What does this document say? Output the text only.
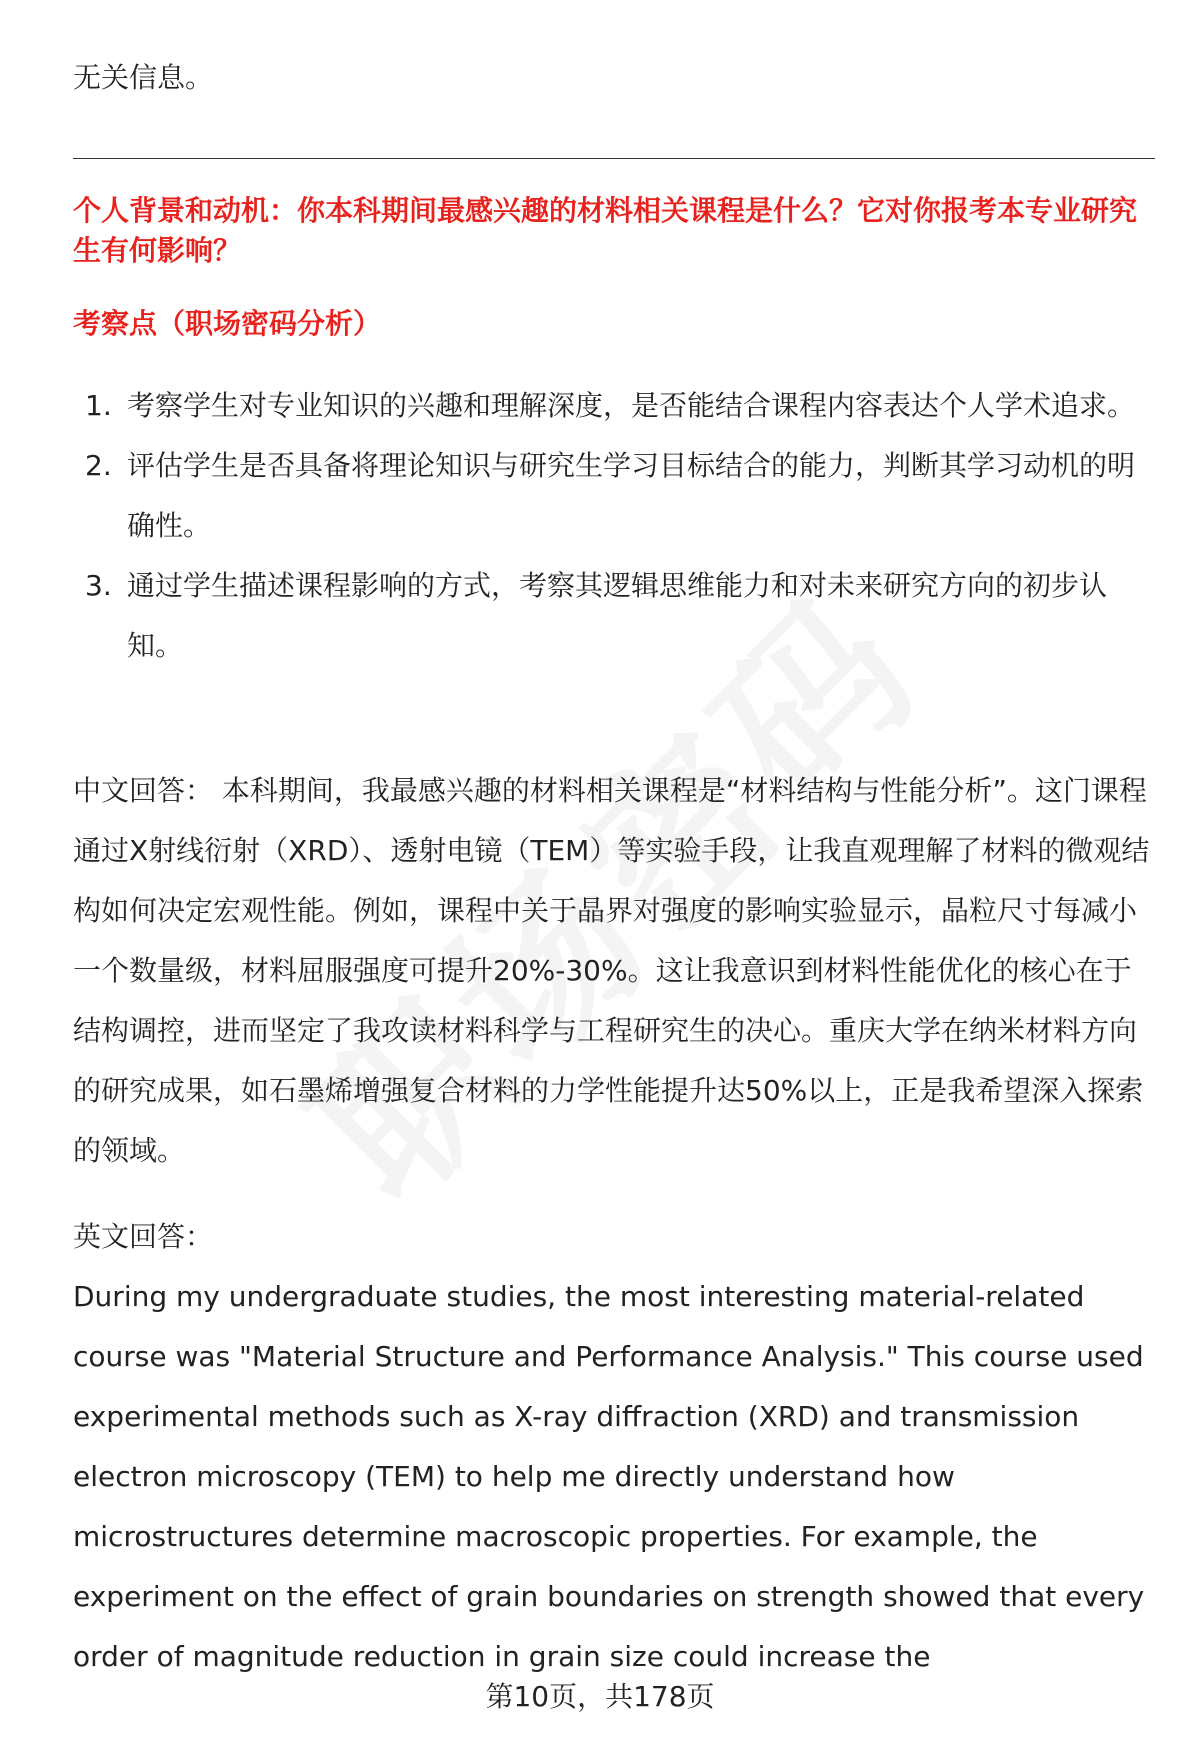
无关信息。
个人背景和动机：你本科期间最感兴趣的材料相关课程是什么？它对你报考本专业研究生有何影响？
考察点（职场密码分析）
1. 考察学生对专业知识的兴趣和理解深度，是否能结合课程内容表达个人学术追求。
2. 评估学生是否具备将理论知识与研究生学习目标结合的能力，判断其学习动机的明确性。
3. 通过学生描述课程影响的方式，考察其逻辑思维能力和对未来研究方向的初步认知。
中文回答： 本科期间，我最感兴趣的材料相关课程是“材料结构与性能分析”。这门课程通过X射线衍射（XRD）、透射电镜（TEM）等实验手段，让我直观理解了材料的微观结构如何决定宏观性能。例如，课程中关于晶界对强度的影响实验显示，晶粒尺寸每减小一个数量级，材料屈服强度可提升20%-30%。这让我意识到材料性能优化的核心在于结构调控，进而坚定了我攻读材料科学与工程研究生的决心。重庆大学在纳米材料方向的研究成果，如石墨烯增强复合材料的力学性能提升达50%以上，正是我希望深入探索的领域。
英文回答：
During my undergraduate studies, the most interesting material-related course was "Material Structure and Performance Analysis." This course used experimental methods such as X-ray diffraction (XRD) and transmission electron microscopy (TEM) to help me directly understand how microstructures determine macroscopic properties. For example, the experiment on the effect of grain boundaries on strength showed that every order of magnitude reduction in grain size could increase the
第10页，共178页
